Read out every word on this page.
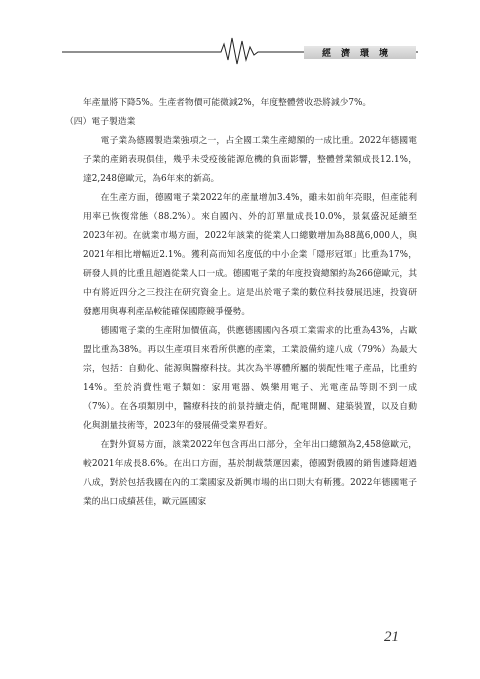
經濟環境

年產量將下降5%。生產者物價可能微減2%，年度整體營收恐將減少7%。

（四）電子製造業

電子業為德國製造業強項之一，占全國工業生產總額的一成比重。2022年德國電子業的產銷表現俱佳，幾乎未受疫後能源危機的負面影響，整體營業額成長12.1%，達2,248億歐元，為6年來的新高。

在生產方面，德國電子業2022年的產量增加3.4%，雖未如前年亮眼，但產能利用率已恢復常態（88.2%）。來自國內、外的訂單量成長10.0%，景氣盛況延續至2023年初。在就業市場方面，2022年該業的從業人口總數增加為88萬6,000人，與2021年相比增幅近2.1%。獲利高而知名度低的中小企業「隱形冠軍」比重為17%，研發人員的比重且超過從業人口一成。德國電子業的年度投資總額約為266億歐元，其中有將近四分之三投注在研究資金上。這是出於電子業的數位科技發展迅速，投資研發應用與專利產品較能確保國際競爭優勢。

德國電子業的生產附加價值高，供應德國國內各項工業需求的比重為43%，占歐盟比重為38%。再以生產項目來看所供應的產業，工業設備約達八成（79%）為最大宗，包括：自動化、能源與醫療科技。其次為半導體所屬的裝配性電子產品，比重約14%。至於消費性電子類如：家用電器、娛樂用電子、光電產品等則不到一成（7%）。在各項類別中，醫療科技的前景持續走俏，配電開關、建築裝置，以及自動化與測量技術等，2023年的發展備受業界看好。

在對外貿易方面，該業2022年包含再出口部分，全年出口總額為2,458億歐元，較2021年成長8.6%。在出口方面，基於制裁禁運因素，德國對俄國的銷售遽降超過八成，對於包括我國在內的工業國家及新興市場的出口則大有斬獲。2022年德國電子業的出口成績甚佳，歐元區國家

21
